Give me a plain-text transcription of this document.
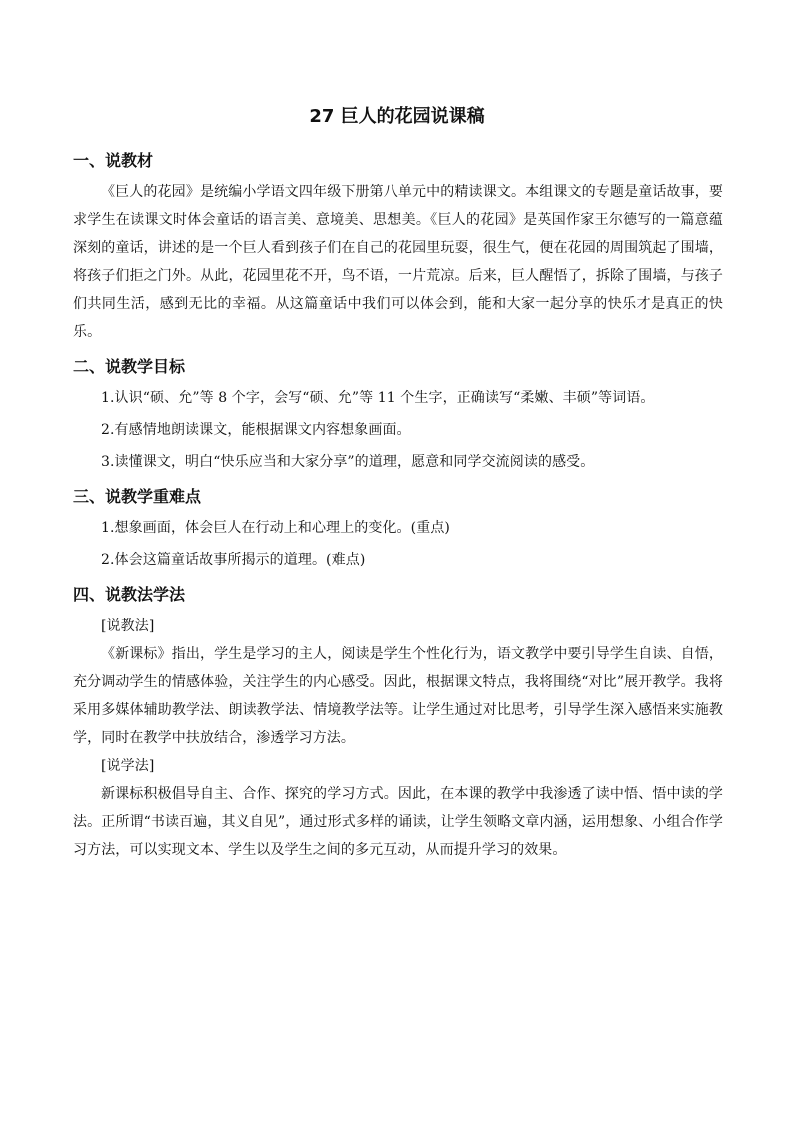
27 巨人的花园说课稿
一、说教材

《巨人的花园》是统编小学语文四年级下册第八单元中的精读课文。本组课文的专题是童话故事，要求学生在读课文时体会童话的语言美、意境美、思想美。《巨人的花园》是英国作家王尔德写的一篇意蕴深刻的童话，讲述的是一个巨人看到孩子们在自己的花园里玩耍，很生气，便在花园的周围筑起了围墙，将孩子们拒之门外。从此，花园里花不开，鸟不语，一片荒凉。后来，巨人醒悟了，拆除了围墙，与孩子们共同生活，感到无比的幸福。从这篇童话中我们可以体会到，能和大家一起分享的快乐才是真正的快乐。

二、说教学目标

1.认识“硕、允”等 8 个字，会写“硕、允”等 11 个生字，正确读写“柔嫩、丰硕”等词语。

2.有感情地朗读课文，能根据课文内容想象画面。

3.读懂课文，明白“快乐应当和大家分享”的道理，愿意和同学交流阅读的感受。

三、说教学重难点

1.想象画面，体会巨人在行动上和心理上的变化。(重点)

2.体会这篇童话故事所揭示的道理。(难点)

四、说教法学法

[说教法]

《新课标》指出，学生是学习的主人，阅读是学生个性化行为，语文教学中要引导学生自读、自悟，充分调动学生的情感体验，关注学生的内心感受。因此，根据课文特点，我将围绕“对比”展开教学。我将采用多媒体辅助教学法、朗读教学法、情境教学法等。让学生通过对比思考，引导学生深入感悟来实施教学，同时在教学中扶放结合，渗透学习方法。

[说学法]

新课标积极倡导自主、合作、探究的学习方式。因此，在本课的教学中我渗透了读中悟、悟中读的学法。正所谓“书读百遍，其义自见”，通过形式多样的诵读，让学生领略文章内涵，运用想象、小组合作学习方法，可以实现文本、学生以及学生之间的多元互动，从而提升学习的效果。
